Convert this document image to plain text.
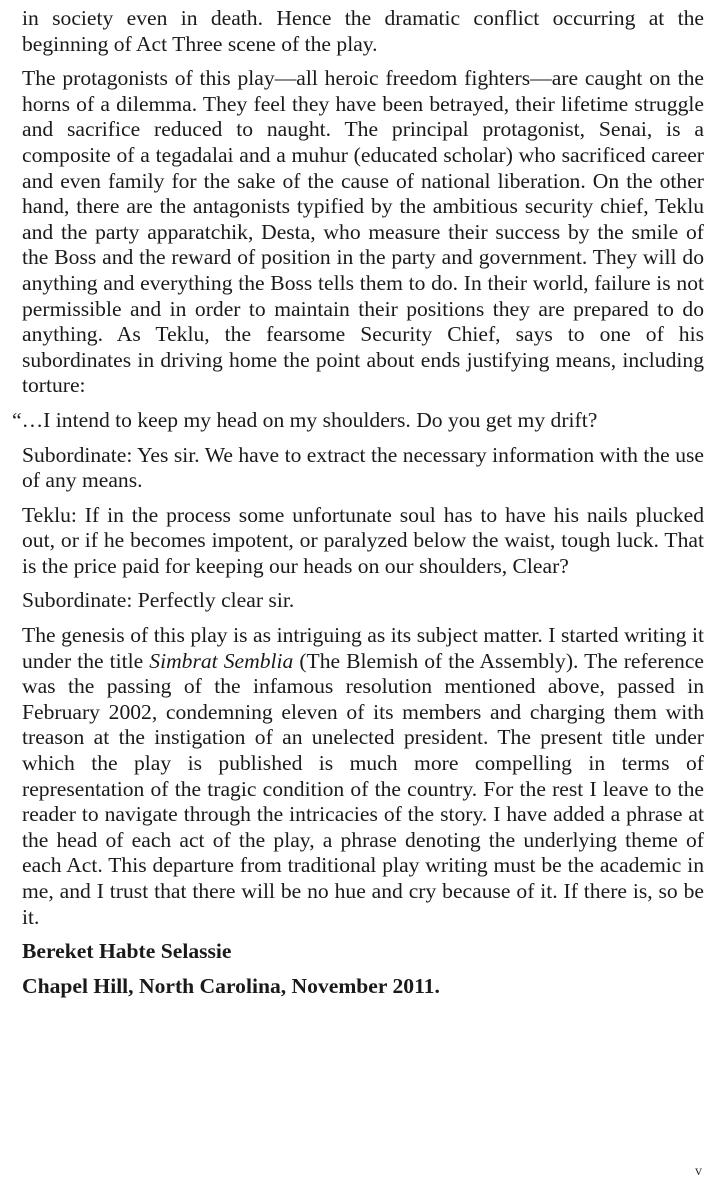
in society even in death. Hence the dramatic conflict occurring at the beginning of Act Three scene of the play.

The protagonists of this play—all heroic freedom fighters—are caught on the horns of a dilemma. They feel they have been betrayed, their lifetime struggle and sacrifice reduced to naught. The principal protagonist, Senai, is a composite of a tegadalai and a muhur (educated scholar) who sacrificed career and even family for the sake of the cause of national liberation. On the other hand, there are the antagonists typified by the ambitious security chief, Teklu and the party apparatchik, Desta, who measure their success by the smile of the Boss and the reward of position in the party and government. They will do anything and everything the Boss tells them to do. In their world, failure is not permissible and in order to maintain their positions they are prepared to do anything. As Teklu, the fearsome Security Chief, says to one of his subordinates in driving home the point about ends justifying means, including torture:

“…I intend to keep my head on my shoulders. Do you get my drift?

Subordinate: Yes sir. We have to extract the necessary information with the use of any means.

Teklu: If in the process some unfortunate soul has to have his nails plucked out, or if he becomes impotent, or paralyzed below the waist, tough luck. That is the price paid for keeping our heads on our shoulders, Clear?

Subordinate: Perfectly clear sir.

The genesis of this play is as intriguing as its subject matter. I started writing it under the title Simbrat Semblia (The Blemish of the Assembly). The reference was the passing of the infamous resolution mentioned above, passed in February 2002, condemning eleven of its members and charging them with treason at the instigation of an unelected president. The present title under which the play is published is much more compelling in terms of representation of the tragic condition of the country. For the rest I leave to the reader to navigate through the intricacies of the story. I have added a phrase at the head of each act of the play, a phrase denoting the underlying theme of each Act. This departure from traditional play writing must be the academic in me, and I trust that there will be no hue and cry because of it. If there is, so be it.

Bereket Habte Selassie

Chapel Hill, North Carolina, November 2011.

v
